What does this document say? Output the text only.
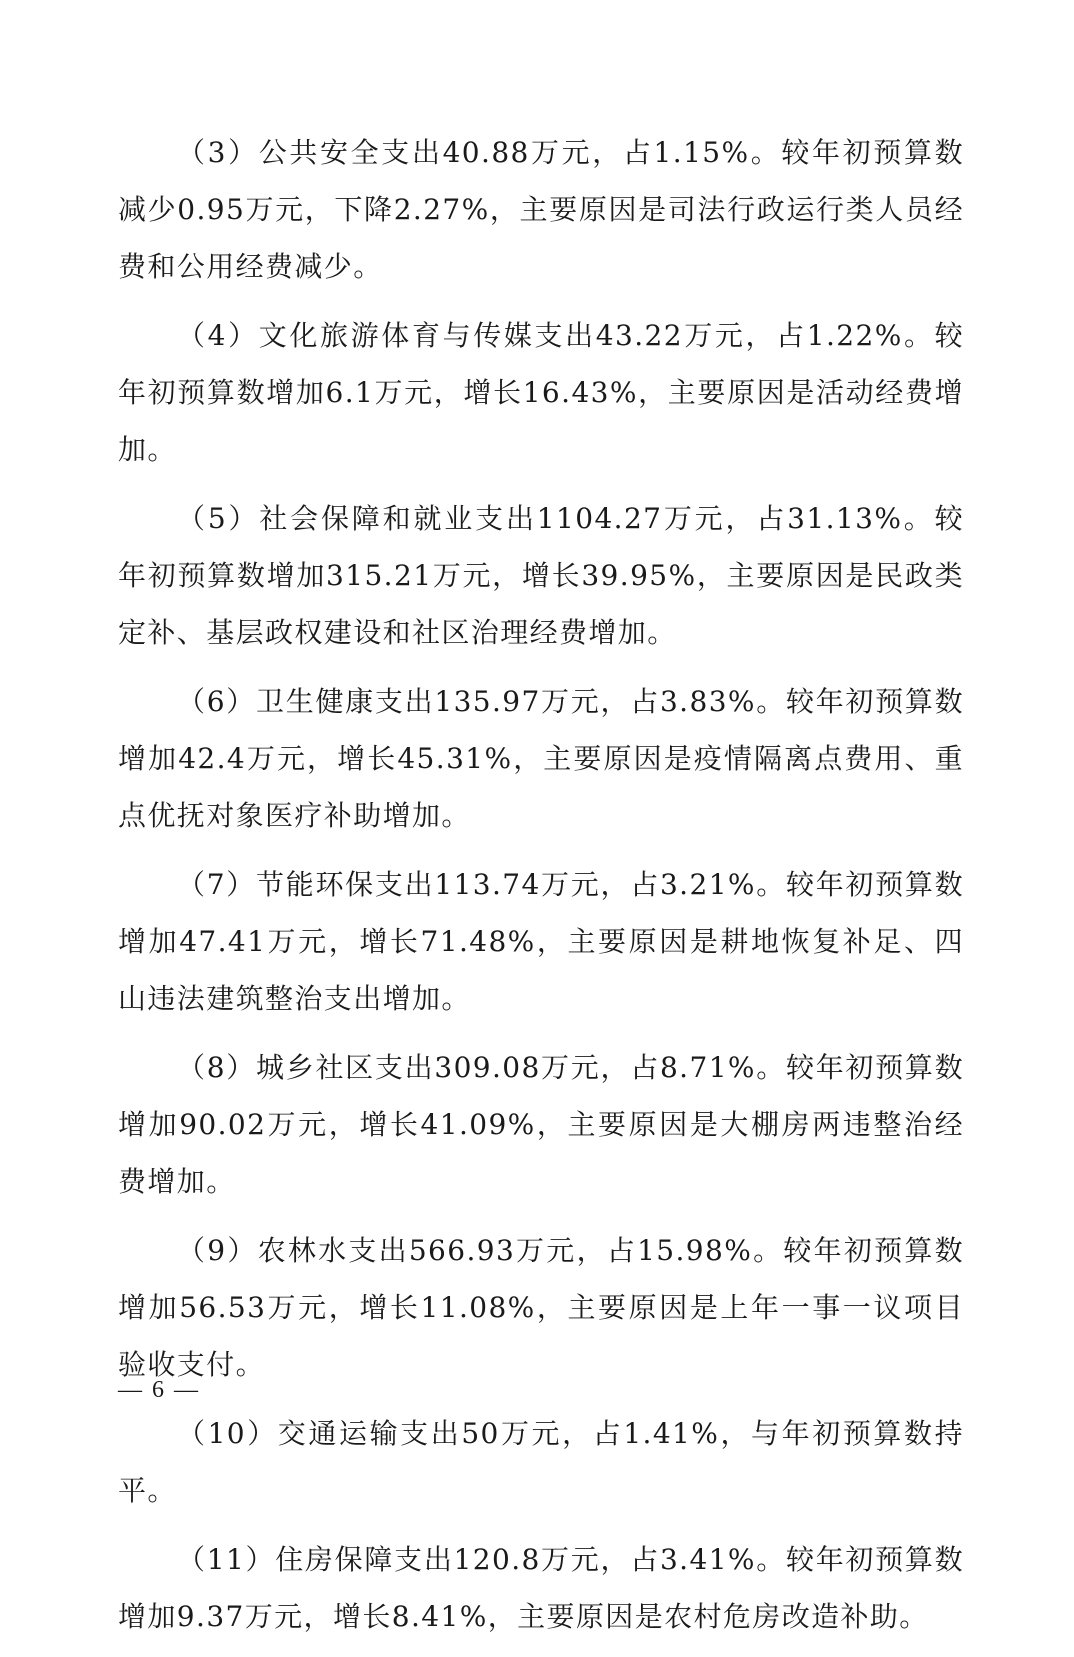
（3）公共安全支出40.88万元，占1.15%。较年初预算数减少0.95万元，下降2.27%，主要原因是司法行政运行类人员经费和公用经费减少。

（4）文化旅游体育与传媒支出43.22万元，占1.22%。较年初预算数增加6.1万元，增长16.43%，主要原因是活动经费增加。

（5）社会保障和就业支出1104.27万元，占31.13%。较年初预算数增加315.21万元，增长39.95%，主要原因是民政类定补、基层政权建设和社区治理经费增加。

（6）卫生健康支出135.97万元，占3.83%。较年初预算数增加42.4万元，增长45.31%，主要原因是疫情隔离点费用、重点优抚对象医疗补助增加。

（7）节能环保支出113.74万元，占3.21%。较年初预算数增加47.41万元，增长71.48%，主要原因是耕地恢复补足、四山违法建筑整治支出增加。

（8）城乡社区支出309.08万元，占8.71%。较年初预算数增加90.02万元，增长41.09%，主要原因是大棚房两违整治经费增加。

（9）农林水支出566.93万元，占15.98%。较年初预算数增加56.53万元，增长11.08%，主要原因是上年一事一议项目验收支付。

（10）交通运输支出50万元，占1.41%，与年初预算数持平。

（11）住房保障支出120.8万元，占3.41%。较年初预算数增加9.37万元，增长8.41%，主要原因是农村危房改造补助。

— 6 —
